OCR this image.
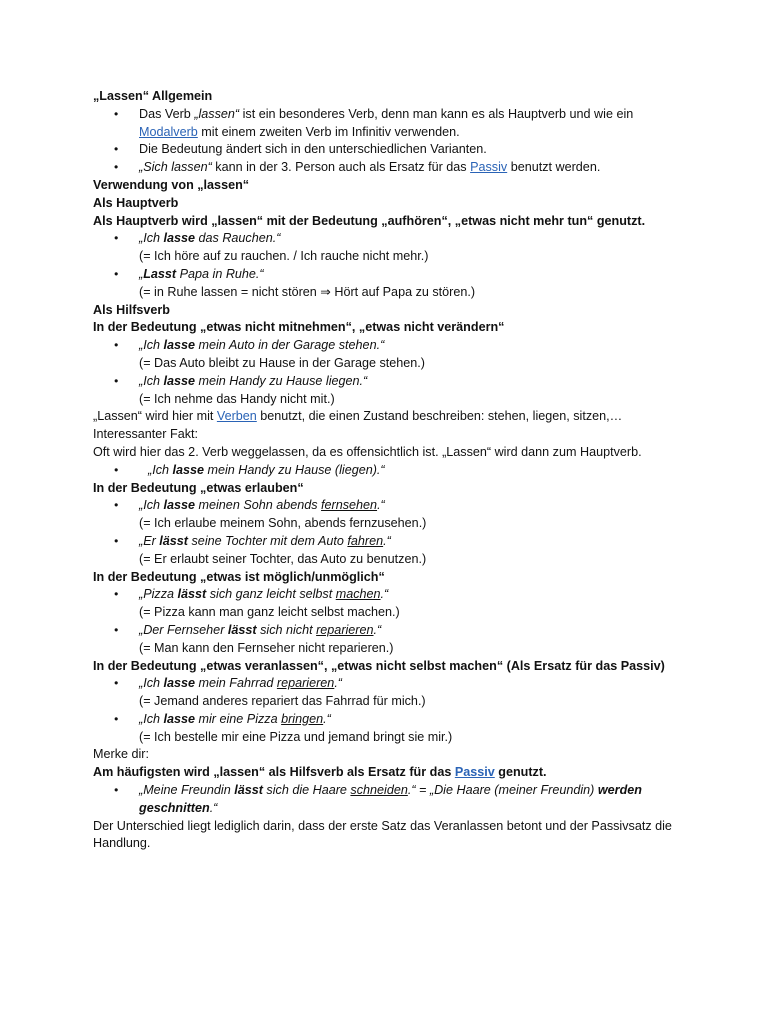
„Lassen“ Allgemein

• Das Verb „lassen“ ist ein besonderes Verb, denn man kann es als Hauptverb und wie ein Modalverb mit einem zweiten Verb im Infinitiv verwenden.

• Die Bedeutung ändert sich in den unterschiedlichen Varianten.

• „Sich lassen“ kann in der 3. Person auch als Ersatz für das Passiv benutzt werden.

Verwendung von „lassen“

Als Hauptverb

Als Hauptverb wird „lassen“ mit der Bedeutung „aufhören“, „etwas nicht mehr tun“ genutzt.

• „Ich lasse das Rauchen.“

(= Ich höre auf zu rauchen. / Ich rauche nicht mehr.)

• „Lasst Papa in Ruhe.“

(= in Ruhe lassen = nicht stören ⇒ Hört auf Papa zu stören.)

Als Hilfsverb

In der Bedeutung „etwas nicht mitnehmen“, „etwas nicht verändern“

• „Ich lasse mein Auto in der Garage stehen.“

(= Das Auto bleibt zu Hause in der Garage stehen.)

• „Ich lasse mein Handy zu Hause liegen.“

(= Ich nehme das Handy nicht mit.)

„Lassen“ wird hier mit Verben benutzt, die einen Zustand beschreiben: stehen, liegen, sitzen,…

Interessanter Fakt:

Oft wird hier das 2. Verb weggelassen, da es offensichtlich ist. „Lassen“ wird dann zum Hauptverb.

• „Ich lasse mein Handy zu Hause (liegen).“

In der Bedeutung „etwas erlauben“

• „Ich lasse meinen Sohn abends fernsehen.“

(= Ich erlaube meinem Sohn, abends fernzusehen.)

• „Er lässt seine Tochter mit dem Auto fahren.“

(= Er erlaubt seiner Tochter, das Auto zu benutzen.)

In der Bedeutung „etwas ist möglich/unmöglich“

• „Pizza lässt sich ganz leicht selbst machen.“

(= Pizza kann man ganz leicht selbst machen.)

• „Der Fernseher lässt sich nicht reparieren.“

(= Man kann den Fernseher nicht reparieren.)

In der Bedeutung „etwas veranlassen“, „etwas nicht selbst machen“ (Als Ersatz für das Passiv)

• „Ich lasse mein Fahrrad reparieren.“

(= Jemand anderes repariert das Fahrrad für mich.)

• „Ich lasse mir eine Pizza bringen.“

(= Ich bestelle mir eine Pizza und jemand bringt sie mir.)

Merke dir:

Am häufigsten wird „lassen“ als Hilfsverb als Ersatz für das Passiv genutzt.

• „Meine Freundin lässt sich die Haare schneiden.“ = „Die Haare (meiner Freundin) werden geschnitten.“

Der Unterschied liegt lediglich darin, dass der erste Satz das Veranlassen betont und der Passivsatz die Handlung.
